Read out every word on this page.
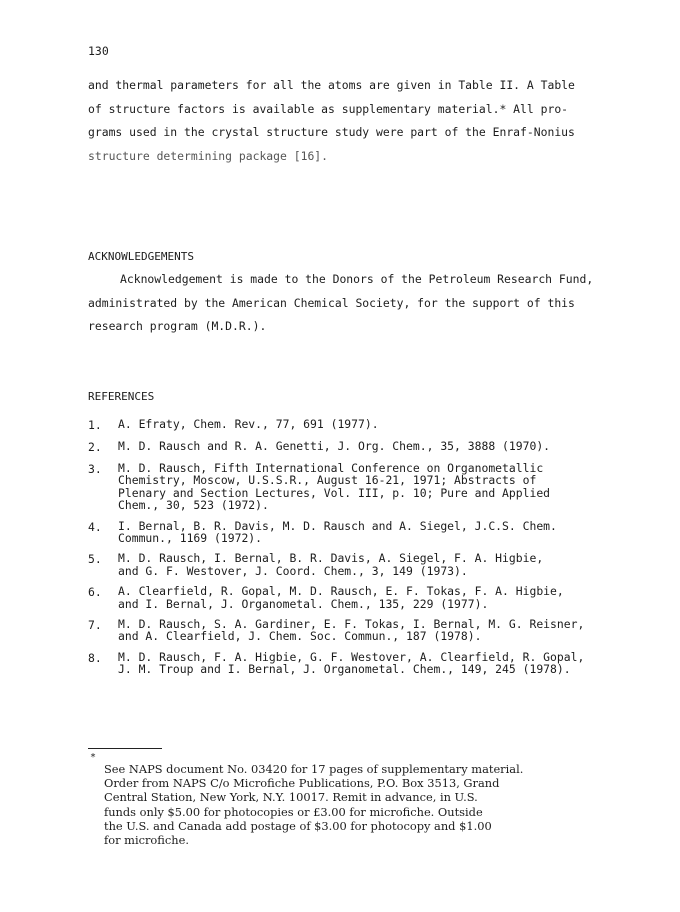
130
and thermal parameters for all the atoms are given in Table II. A Table
of structure factors is available as supplementary material.* All pro-
grams used in the crystal structure study were part of the Enraf-Nonius
structure determining package [16].
ACKNOWLEDGEMENTS
Acknowledgement is made to the Donors of the Petroleum Research Fund,
administrated by the American Chemical Society, for the support of this
research program (M.D.R.).
REFERENCES
1.	A. Efraty, Chem. Rev., 77, 691 (1977).
2.	M. D. Rausch and R. A. Genetti, J. Org. Chem., 35, 3888 (1970).
3.	M. D. Rausch, Fifth International Conference on Organometallic
Chemistry, Moscow, U.S.S.R., August 16-21, 1971; Abstracts of
Plenary and Section Lectures, Vol. III, p. 10; Pure and Applied
Chem., 30, 523 (1972).
4.	I. Bernal, B. R. Davis, M. D. Rausch and A. Siegel, J.C.S. Chem.
Commun., 1169 (1972).
5.	M. D. Rausch, I. Bernal, B. R. Davis, A. Siegel, F. A. Higbie,
and G. F. Westover, J. Coord. Chem., 3, 149 (1973).
6.	A. Clearfield, R. Gopal, M. D. Rausch, E. F. Tokas, F. A. Higbie,
and I. Bernal, J. Organometal. Chem., 135, 229 (1977).
7.	M. D. Rausch, S. A. Gardiner, E. F. Tokas, I. Bernal, M. G. Reisner,
and A. Clearfield, J. Chem. Soc. Commun., 187 (1978).
8.	M. D. Rausch, F. A. Higbie, G. F. Westover, A. Clearfield, R. Gopal,
J. M. Troup and I. Bernal, J. Organometal. Chem., 149, 245 (1978).
*
See NAPS document No. 03420 for 17 pages of supplementary material.
Order from NAPS C/o Microfiche Publications, P.O. Box 3513, Grand
Central Station, New York, N.Y. 10017. Remit in advance, in U.S.
funds only $5.00 for photocopies or £3.00 for microfiche. Outside
the U.S. and Canada add postage of $3.00 for photocopy and $1.00
for microfiche.
